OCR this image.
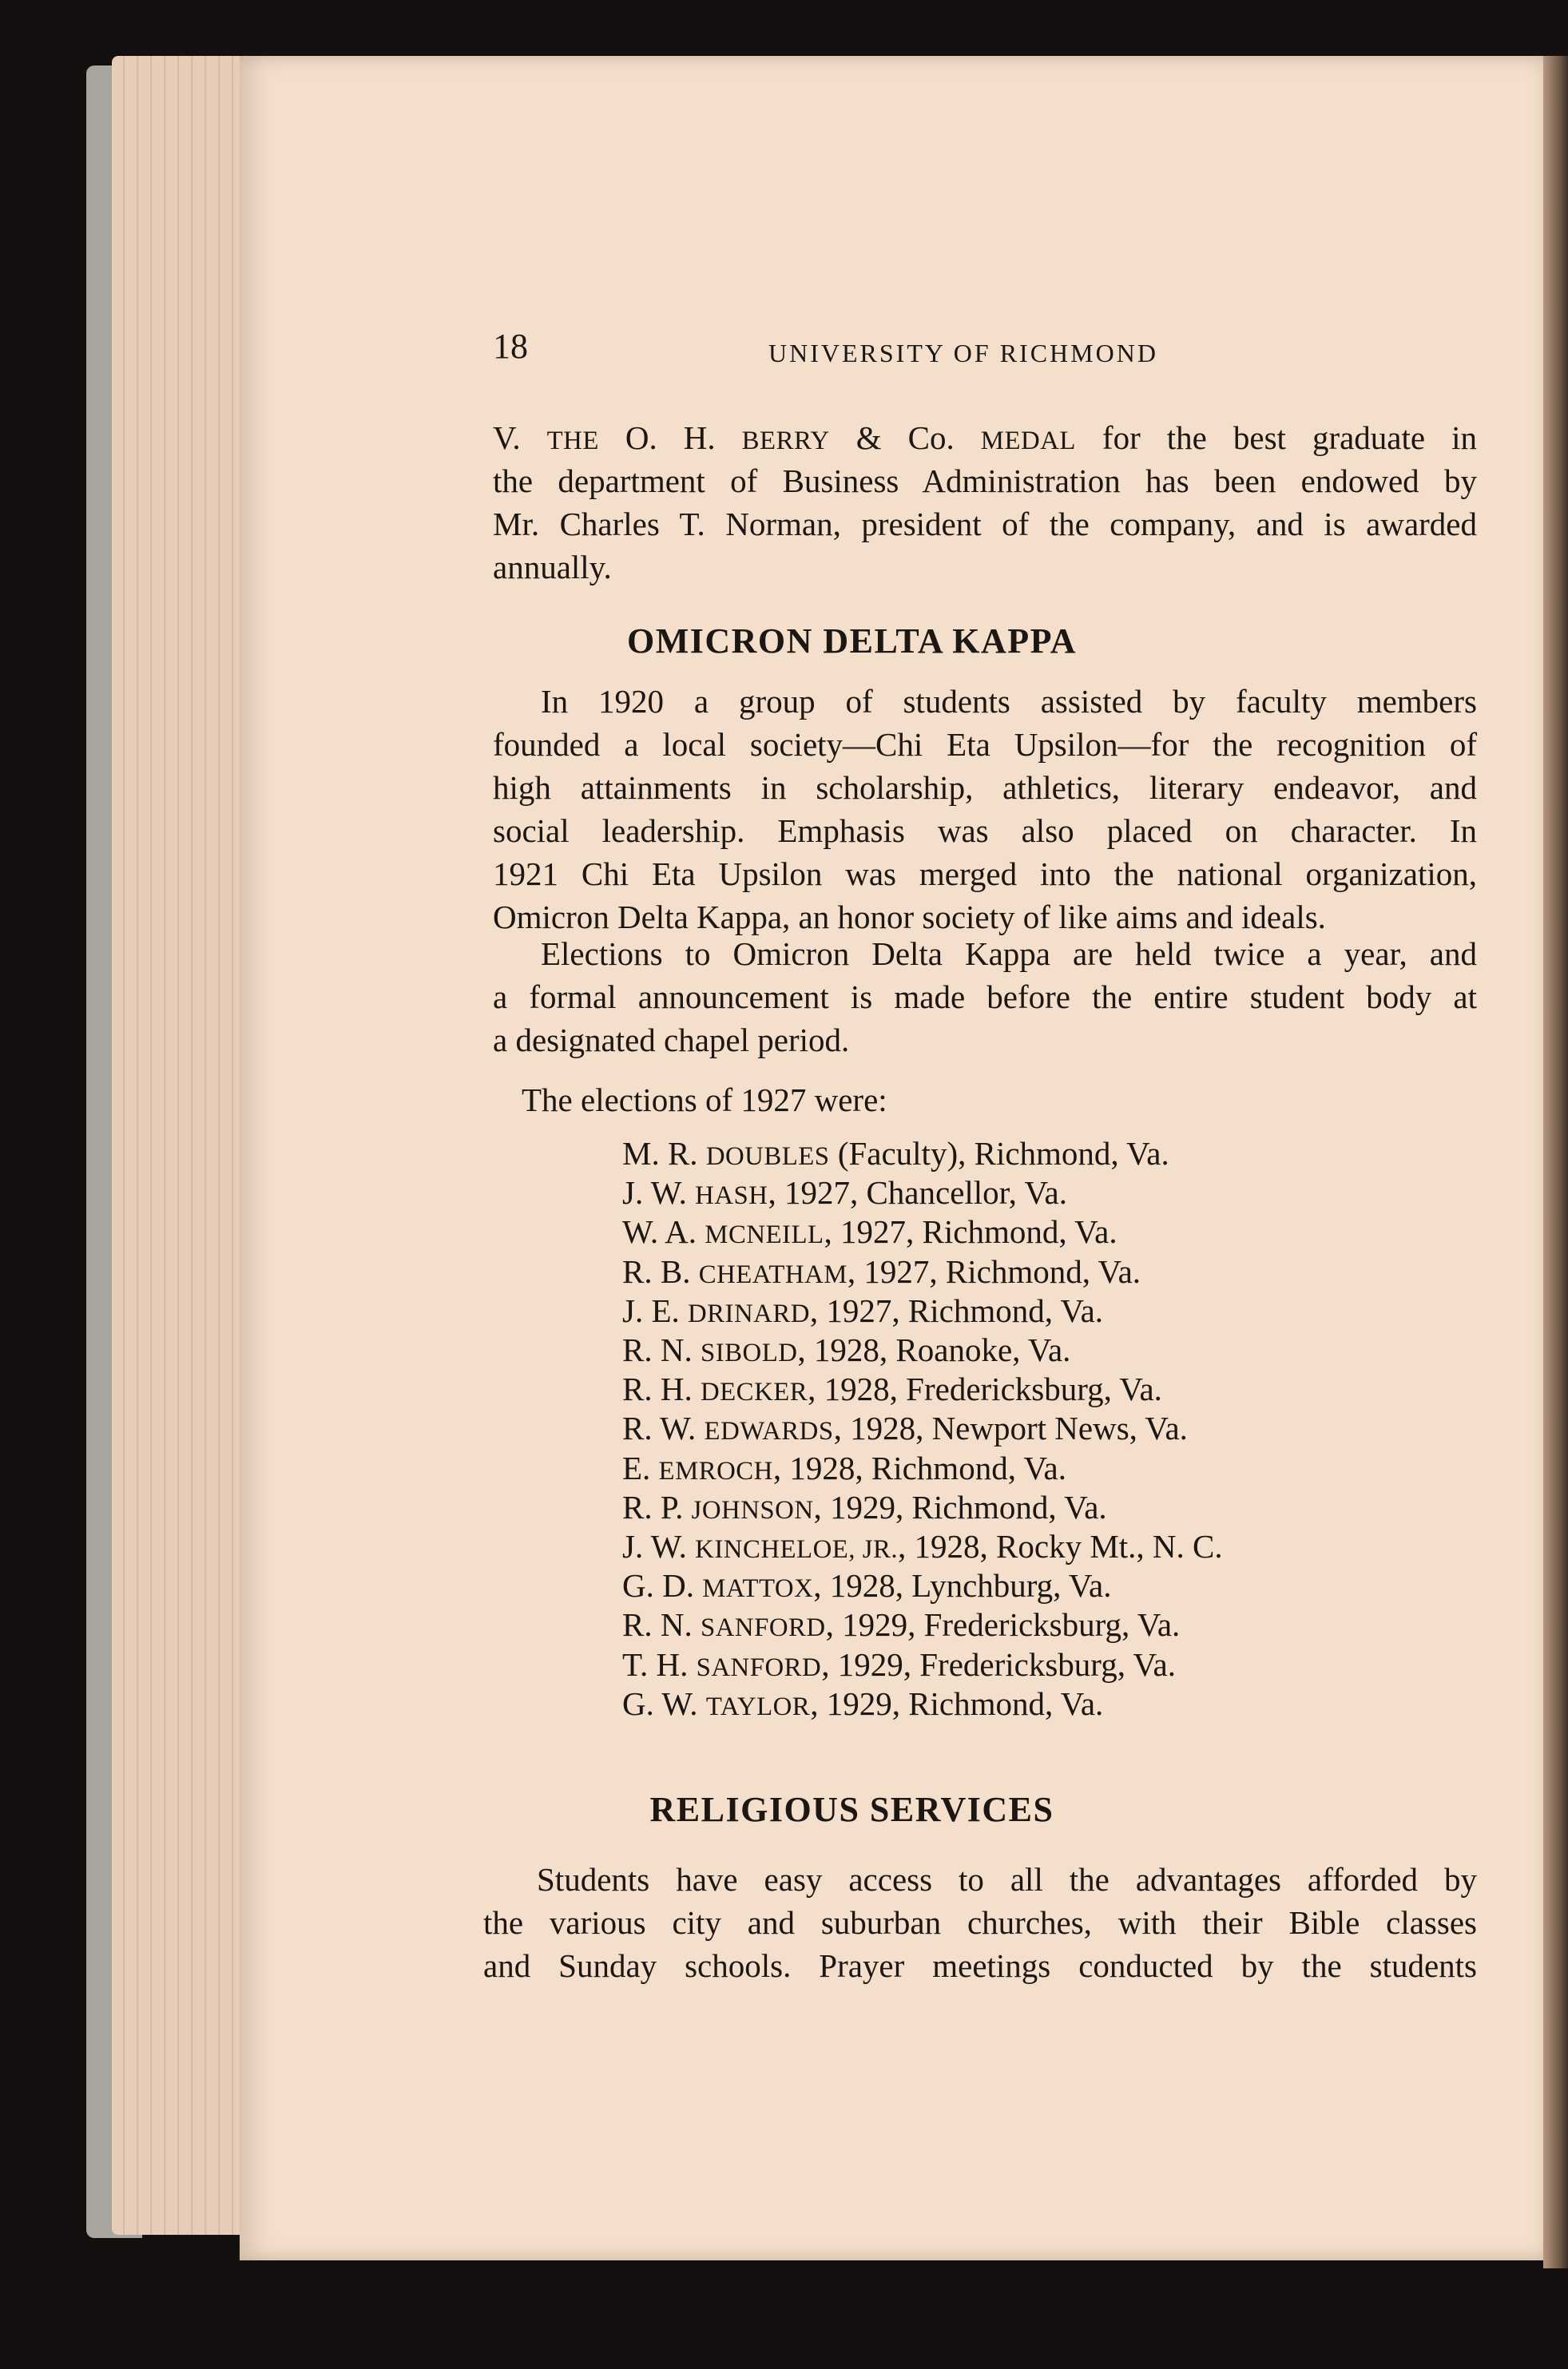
18	UNIVERSITY OF RICHMOND
V. THE O. H. BERRY & Co. MEDAL for the best graduate in
the department of Business Administration has been endowed by
Mr. Charles T. Norman, president of the company, and is awarded
annually.
OMICRON DELTA KAPPA
In 1920 a group of students assisted by faculty members
founded a local society—Chi Eta Upsilon—for the recognition of
high attainments in scholarship, athletics, literary endeavor, and
social leadership. Emphasis was also placed on character. In
1921 Chi Eta Upsilon was merged into the national organization,
Omicron Delta Kappa, an honor society of like aims and ideals.
Elections to Omicron Delta Kappa are held twice a year, and
a formal announcement is made before the entire student body at
a designated chapel period.
The elections of 1927 were:
M. R. DOUBLES (Faculty), Richmond, Va.
J. W. HASH, 1927, Chancellor, Va.
W. A. MCNEILL, 1927, Richmond, Va.
R. B. CHEATHAM, 1927, Richmond, Va.
J. E. DRINARD, 1927, Richmond, Va.
R. N. SIBOLD, 1928, Roanoke, Va.
R. H. DECKER, 1928, Fredericksburg, Va.
R. W. EDWARDS, 1928, Newport News, Va.
E. EMROCH, 1928, Richmond, Va.
R. P. JOHNSON, 1929, Richmond, Va.
J. W. KINCHELOE, JR., 1928, Rocky Mt., N. C.
G. D. MATTOX, 1928, Lynchburg, Va.
R. N. SANFORD, 1929, Fredericksburg, Va.
T. H. SANFORD, 1929, Fredericksburg, Va.
G. W. TAYLOR, 1929, Richmond, Va.
RELIGIOUS SERVICES
Students have easy access to all the advantages afforded by
the various city and suburban churches, with their Bible classes
and Sunday schools. Prayer meetings conducted by the students
